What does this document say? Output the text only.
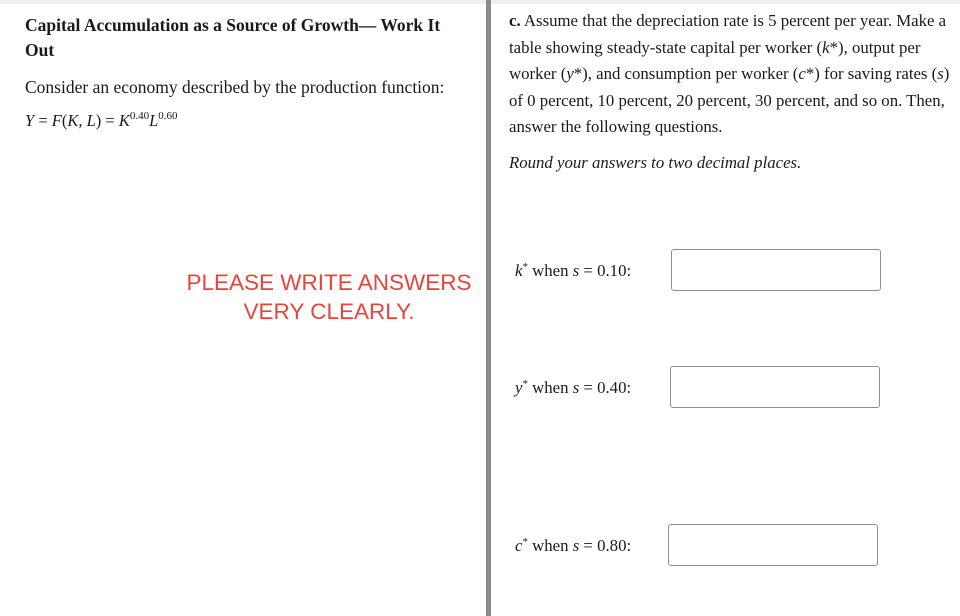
Capital Accumulation as a Source of Growth— Work It Out
Consider an economy described by the production function:
Y = F(K, $L) = K^{0.40}L^{0.60}$
PLEASE WRITE ANSWERS
VERY CLEARLY.
c. Assume that the depreciation rate is 5 percent per year. Make a table showing steady-state capital per worker (k*), output per worker (y*), and consumption per worker (c*) for saving rates (s) of 0 percent, 10 percent, 20 percent, 30 percent, and so on. Then, answer the following questions.
Round your answers to two decimal places.
k* when s = 0.10:
y* when s = 0.40:
c* when s = 0.80:
